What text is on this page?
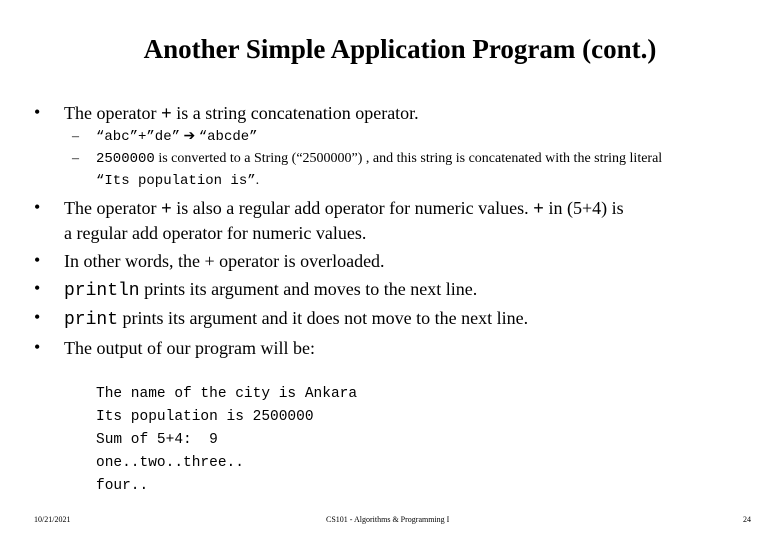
Another Simple Application Program (cont.)
• The operator + is a string concatenation operator.
– “abc”+”de” ➔ “abcde”
– 2500000 is converted to a String (“2500000”) , and this string is concatenated with the string literal
“Its population is”.
• The operator + is also a regular add operator for numeric values. + in (5+4) is
a regular add operator for numeric values.
• In other words, the + operator is overloaded.
• println prints its argument and moves to the next line.
• print prints its argument and it does not move to the next line.
• The output of our program will be:

The name of the city is Ankara
Its population is 2500000
Sum of 5+4:  9
one..two..three..
four..
10/21/2021	CS101 - Algorithms & Programming I	24
